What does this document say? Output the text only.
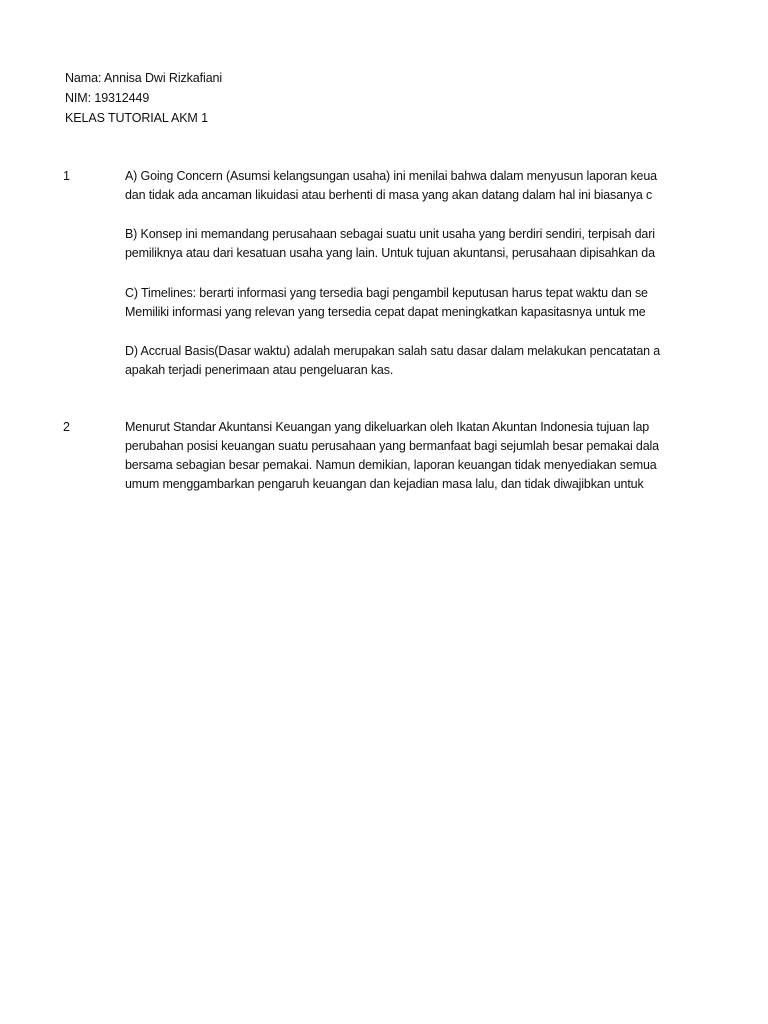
Nama: Annisa Dwi Rizkafiani
NIM: 19312449
KELAS TUTORIAL AKM 1
1	A) Going Concern (Asumsi kelangsungan usaha) ini menilai bahwa dalam menyusun laporan keua
dan tidak ada ancaman likuidasi atau berhenti di masa yang akan datang dalam hal ini biasanya c
B) Konsep ini memandang perusahaan sebagai suatu unit usaha yang berdiri sendiri, terpisah dari
pemiliknya atau dari kesatuan usaha yang lain. Untuk tujuan akuntansi, perusahaan dipisahkan da
C) Timelines: berarti informasi yang tersedia bagi pengambil keputusan harus tepat waktu dan se
Memiliki informasi yang relevan yang tersedia cepat dapat meningkatkan kapasitasnya untuk me
D) Accrual Basis(Dasar waktu) adalah merupakan salah satu dasar dalam melakukan pencatatan a
apakah terjadi penerimaan atau pengeluaran kas.
2	Menurut Standar Akuntansi Keuangan yang dikeluarkan oleh Ikatan Akuntan Indonesia tujuan lap
perubahan posisi keuangan suatu perusahaan yang bermanfaat bagi sejumlah besar pemakai dala
bersama sebagian besar pemakai. Namun demikian, laporan keuangan tidak menyediakan semua
umum menggambarkan pengaruh keuangan dan kejadian masa lalu, dan tidak diwajibkan untuk
